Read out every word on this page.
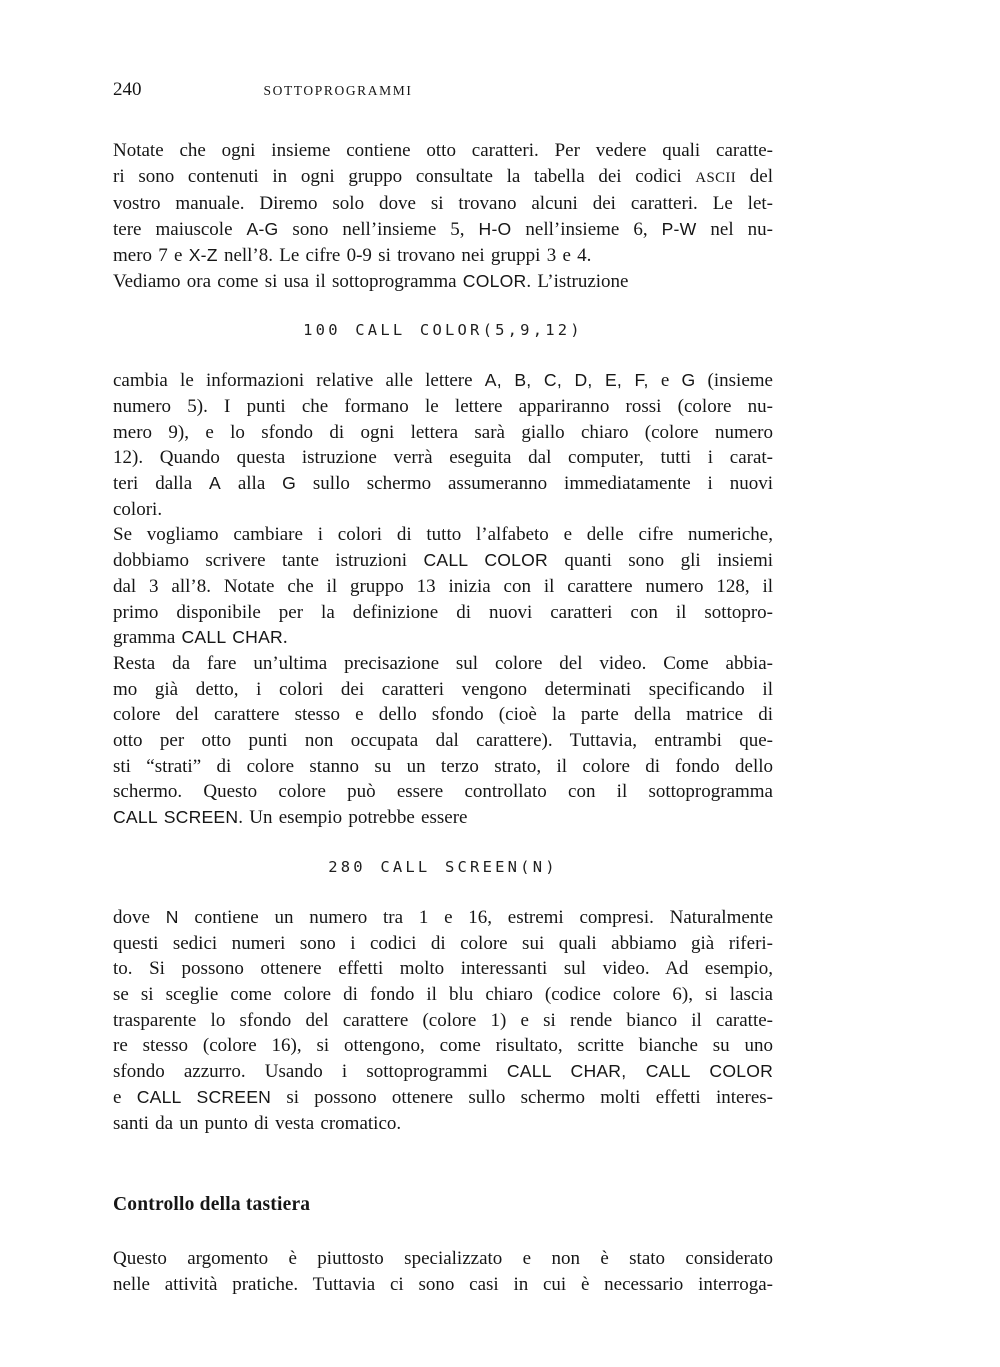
240	SOTTOPROGRAMMI
Notate che ogni insieme contiene otto caratteri. Per vedere quali caratte-
ri sono contenuti in ogni gruppo consultate la tabella dei codici ASCII del
vostro manuale. Diremo solo dove si trovano alcuni dei caratteri. Le let-
tere maiuscole A-G sono nell’insieme 5, H-O nell’insieme 6, P-W nel nu-
mero 7 e X-Z nell’8. Le cifre 0-9 si trovano nei gruppi 3 e 4.
Vediamo ora come si usa il sottoprogramma COLOR. L’istruzione
100 CALL COLOR(5,9,12)
cambia le informazioni relative alle lettere A, B, C, D, E, F, e G (insieme
numero 5). I punti che formano le lettere appariranno rossi (colore nu-
mero 9), e lo sfondo di ogni lettera sarà giallo chiaro (colore numero
12). Quando questa istruzione verrà eseguita dal computer, tutti i carat-
teri dalla A alla G sullo schermo assumeranno immediatamente i nuovi
colori.
Se vogliamo cambiare i colori di tutto l’alfabeto e delle cifre numeriche,
dobbiamo scrivere tante istruzioni CALL COLOR quanti sono gli insiemi
dal 3 all’8. Notate che il gruppo 13 inizia con il carattere numero 128, il
primo disponibile per la definizione di nuovi caratteri con il sottopro-
gramma CALL CHAR.
Resta da fare un’ultima precisazione sul colore del video. Come abbia-
mo già detto, i colori dei caratteri vengono determinati specificando il
colore del carattere stesso e dello sfondo (cioè la parte della matrice di
otto per otto punti non occupata dal carattere). Tuttavia, entrambi que-
sti “strati” di colore stanno su un terzo strato, il colore di fondo dello
schermo. Questo colore può essere controllato con il sottoprogramma
CALL SCREEN. Un esempio potrebbe essere
280 CALL SCREEN(N)
dove N contiene un numero tra 1 e 16, estremi compresi. Naturalmente
questi sedici numeri sono i codici di colore sui quali abbiamo già riferi-
to. Si possono ottenere effetti molto interessanti sul video. Ad esempio,
se si sceglie come colore di fondo il blu chiaro (codice colore 6), si lascia
trasparente lo sfondo del carattere (colore 1) e si rende bianco il caratte-
re stesso (colore 16), si ottengono, come risultato, scritte bianche su uno
sfondo azzurro. Usando i sottoprogrammi CALL CHAR, CALL COLOR
e CALL SCREEN si possono ottenere sullo schermo molti effetti interes-
santi da un punto di vesta cromatico.
Controllo della tastiera
Questo argomento è piuttosto specializzato e non è stato considerato
nelle attività pratiche. Tuttavia ci sono casi in cui è necessario interroga-
